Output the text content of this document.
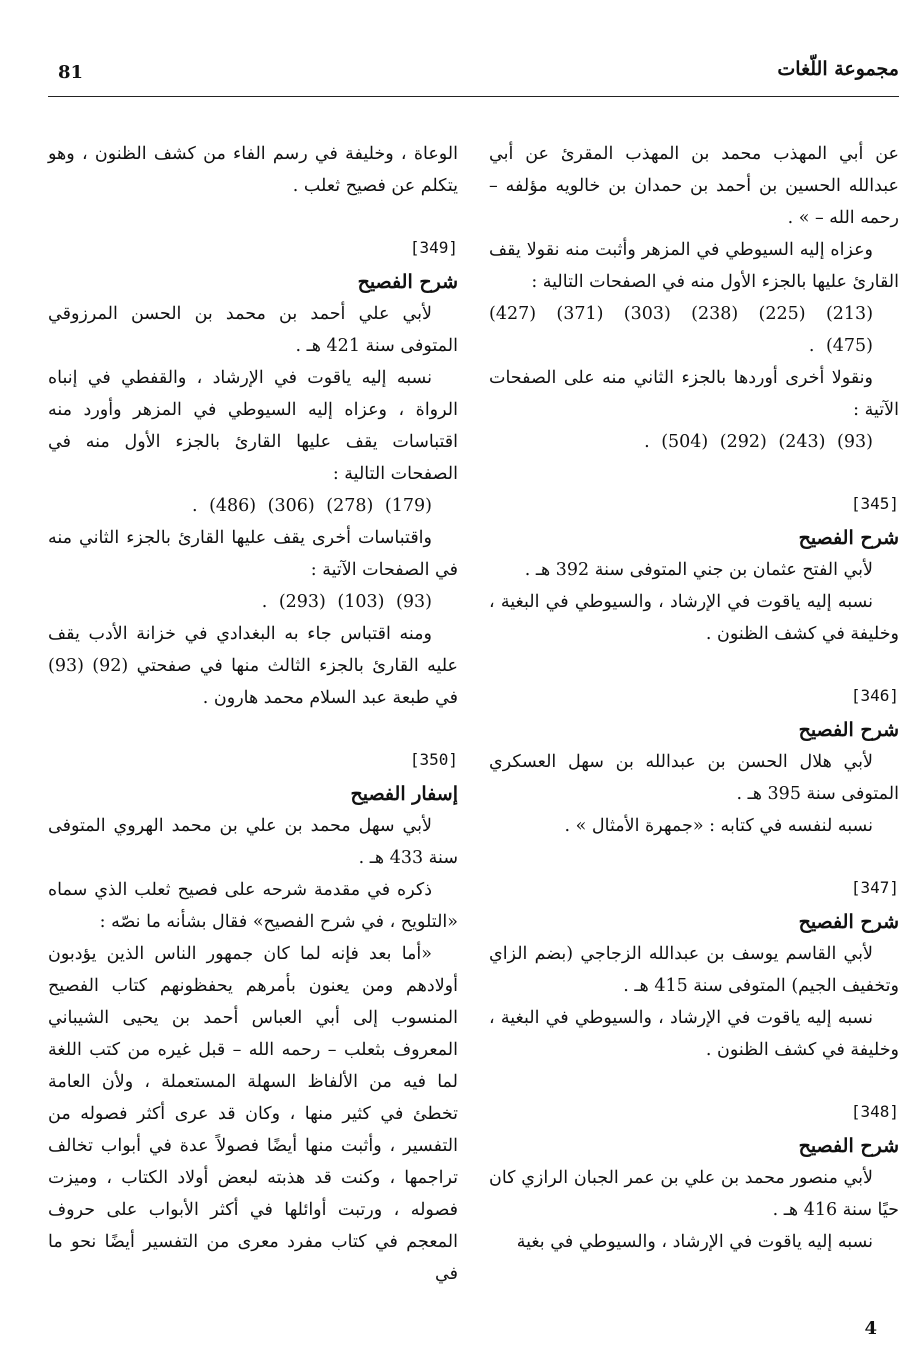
مجموعة اللّغات
81

عن أبي المهذب محمد بن المهذب المقرئ عن أبي عبدالله الحسين بن أحمد بن حمدان بن خالويه مؤلفه – رحمه الله – » .

وعزاه إليه السيوطي في المزهر وأثبت منه نقولا يقف القارئ عليها بالجزء الأول منه في الصفحات التالية :

(213) (225) (238) (303) (371) (427) (475) .

ونقولا أخرى أوردها بالجزء الثاني منه على الصفحات الآتية :

(93) (243) (292) (504) .

[345]
شرح الفصيح

لأبي الفتح عثمان بن جني المتوفى سنة 392 هـ .

نسبه إليه ياقوت في الإرشاد ، والسيوطي في البغية ، وخليفة في كشف الظنون .

[346]
شرح الفصيح

لأبي هلال الحسن بن عبدالله بن سهل العسكري المتوفى سنة 395 هـ .

نسبه لنفسه في كتابه : «جمهرة الأمثال » .

[347]
شرح الفصيح

لأبي القاسم يوسف بن عبدالله الزجاجي (بضم الزاي وتخفيف الجيم) المتوفى سنة 415 هـ .

نسبه إليه ياقوت في الإرشاد ، والسيوطي في البغية ، وخليفة في كشف الظنون .

[348]
شرح الفصيح

لأبي منصور محمد بن علي بن عمر الجبان الرازي كان حيًا سنة 416 هـ .

نسبه إليه ياقوت في الإرشاد ، والسيوطي في بغية

الوعاة ، وخليفة في رسم الفاء من كشف الظنون ، وهو يتكلم عن فصيح ثعلب .

[349]
شرح الفصيح

لأبي علي أحمد بن محمد بن الحسن المرزوقي المتوفى سنة 421 هـ .

نسبه إليه ياقوت في الإرشاد ، والقفطي في إنباه الرواة ، وعزاه إليه السيوطي في المزهر وأورد منه اقتباسات يقف عليها القارئ بالجزء الأول منه في الصفحات التالية :

(179) (278) (306) (486) .

واقتباسات أخرى يقف عليها القارئ بالجزء الثاني منه في الصفحات الآتية :

(93) (103) (293) .

ومنه اقتباس جاء به البغدادي في خزانة الأدب يقف عليه القارئ بالجزء الثالث منها في صفحتي (92) (93) في طبعة عبد السلام محمد هارون .

[350]
إسفار الفصيح

لأبي سهل محمد بن علي بن محمد الهروي المتوفى سنة 433 هـ .

ذكره في مقدمة شرحه على فصيح ثعلب الذي سماه «التلويح ، في شرح الفصيح» فقال بشأنه ما نصّه :

«أما بعد فإنه لما كان جمهور الناس الذين يؤدبون أولادهم ومن يعنون بأمرهم يحفظونهم كتاب الفصيح المنسوب إلى أبي العباس أحمد بن يحيى الشيباني المعروف بثعلب – رحمه الله – قبل غيره من كتب اللغة لما فيه من الألفاظ السهلة المستعملة ، ولأن العامة تخطئ في كثير منها ، وكان قد عرى أكثر فصوله من التفسير ، وأثبت منها أيضًا فصولاً عدة في أبواب تخالف تراجمها ، وكنت قد هذبته لبعض أولاد الكتاب ، وميزت فصوله ، ورتبت أوائلها في أكثر الأبواب على حروف المعجم في كتاب مفرد معرى من التفسير أيضًا نحو ما في

4
